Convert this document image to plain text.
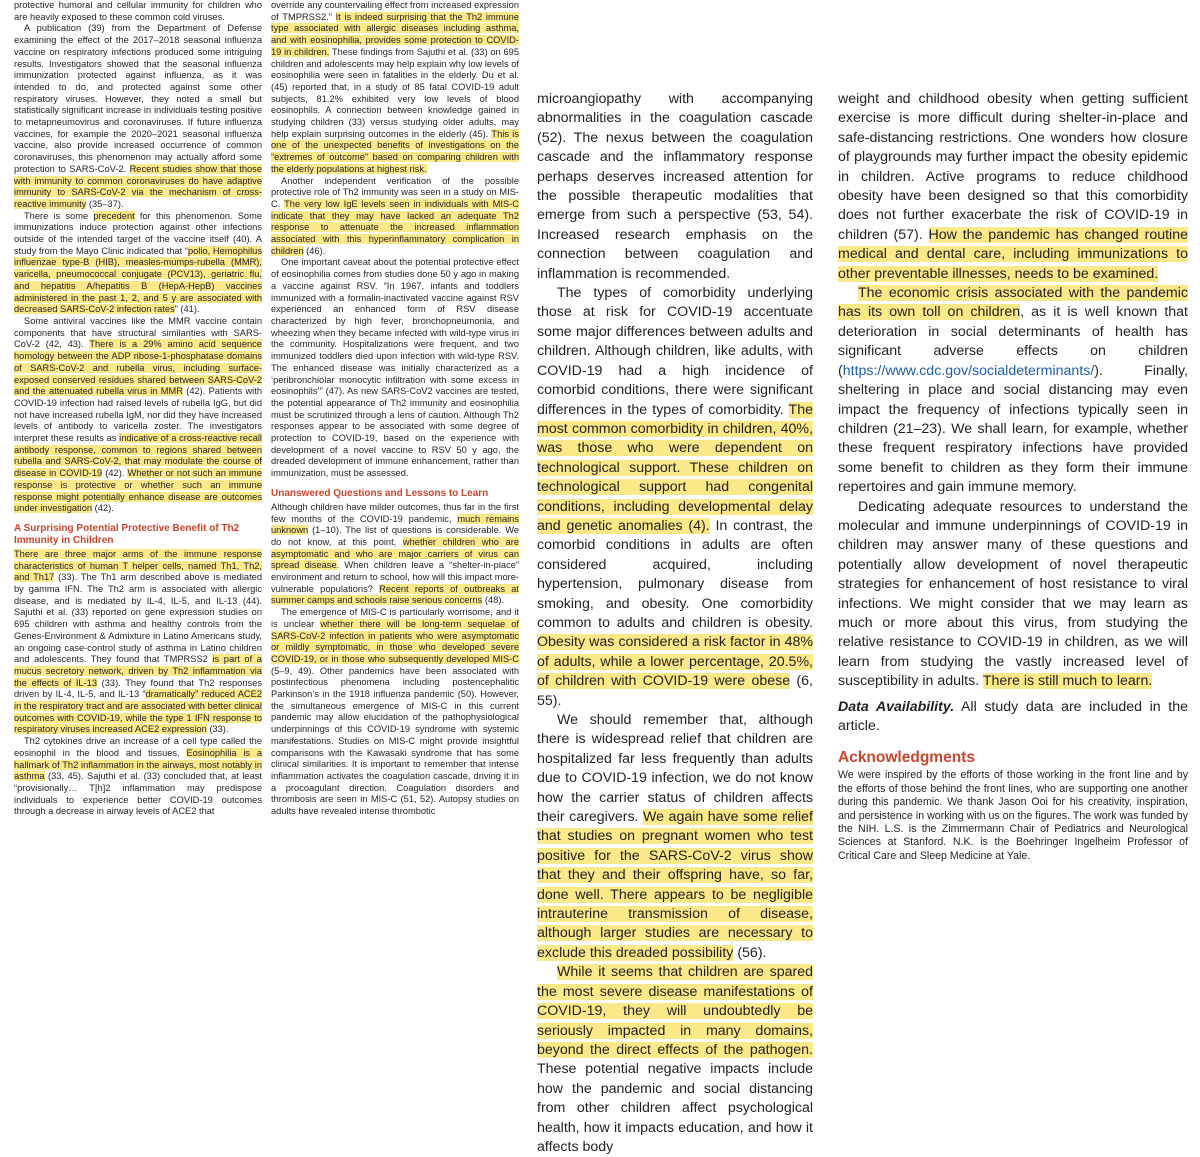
protective humoral and cellular immunity for children who are heavily exposed to these common cold viruses.

A publication (39) from the Department of Defense examining the effect of the 2017–2018 seasonal influenza vaccine on respiratory infections produced some intriguing results. Investigators showed that the seasonal influenza immunization protected against influenza, as it was intended to do, and protected against some other respiratory viruses. However, they noted a small but statistically significant increase in individuals testing positive to metapneumovirus and coronaviruses. If future influenza vaccines, for example the 2020–2021 seasonal influenza vaccine, also provide increased occurrence of common coronaviruses, this phenomenon may actually afford some protection to SARS-CoV-2. Recent studies show that those with immunity to common coronaviruses do have adaptive immunity to SARS-CoV-2 via the mechanism of cross-reactive immunity (35–37).

There is some precedent for this phenomenon. Some immunizations induce protection against other infections outside of the intended target of the vaccine itself (40). A study from the Mayo Clinic indicated that “polio, Hemophilus influenzae type-B (HIB), measles-mumps-rubella (MMR), varicella, pneumococcal conjugate (PCV13), geriatric flu, and hepatitis A/hepatitis B (HepA-HepB) vaccines administered in the past 1, 2, and 5 y are associated with decreased SARS-CoV-2 infection rates” (41).

Some antiviral vaccines like the MMR vaccine contain components that have structural similarities with SARS-CoV-2 (42, 43). There is a 29% amino acid sequence homology between the ADP ribose-1-phosphatase domains of SARS-CoV-2 and rubella virus, including surface-exposed conserved residues shared between SARS-CoV-2 and the attenuated rubella virus in MMR (42). Patients with COVID-19 infection had raised levels of rubella IgG, but did not have increased rubella IgM, nor did they have increased levels of antibody to varicella zoster. The investigators interpret these results as indicative of a cross-reactive recall antibody response, common to regions shared between rubella and SARS-CoV-2, that may modulate the course of disease in COVID-19 (42). Whether or not such an immune response is protective or whether such an immune response might potentially enhance disease are outcomes under investigation (42).

A Surprising Potential Protective Benefit of Th2 Immunity in Children

There are three major arms of the immune response characteristics of human T helper cells, named Th1, Th2, and Th17 (33). The Th1 arm described above is mediated by gamma IFN. The Th2 arm is associated with allergic disease, and is mediated by IL-4, IL-5, and IL-13 (44). Sajuthi et al. (33) reported on gene expression studies on 695 children with asthma and healthy controls from the Genes-Environment & Admixture in Latino Americans study, an ongoing case-control study of asthma in Latino children and adolescents. They found that TMPRSS2 is part of a mucus secretory network, driven by Th2 inflammation via the effects of IL-13 (33). They found that Th2 responses driven by IL-4, IL-5, and IL-13 “dramatically” reduced ACE2 in the respiratory tract and are associated with better clinical outcomes with COVID-19, while the type 1 IFN response to respiratory viruses increased ACE2 expression (33).

Th2 cytokines drive an increase of a cell type called the eosinophil in the blood and tissues. Eosinophilia is a hallmark of Th2 inflammation in the airways, most notably in asthma (33, 45). Sajuthi et al. (33) concluded that, at least “provisionally… T[h]2 inflammation may predispose individuals to experience better COVID-19 outcomes through a decrease in airway levels of ACE2 that

override any countervailing effect from increased expression of TMPRSS2.” It is indeed surprising that the Th2 immune type associated with allergic diseases including asthma, and with eosinophilia, provides some protection to COVID-19 in children. These findings from Sajuthi et al. (33) on 695 children and adolescents may help explain why low levels of eosinophilia were seen in fatalities in the elderly. Du et al. (45) reported that, in a study of 85 fatal COVID-19 adult subjects, 81.2% exhibited very low levels of blood eosinophils. A connection between knowledge gained in studying children (33) versus studying older adults, may help explain surprising outcomes in the elderly (45). This is one of the unexpected benefits of investigations on the “extremes of outcome” based on comparing children with the elderly populations at highest risk.

Another independent verification of the possible protective role of Th2 immunity was seen in a study on MIS-C. The very low IgE levels seen in individuals with MIS-C indicate that they may have lacked an adequate Th2 response to attenuate the increased inflammation associated with this hyperinflammatory complication in children (46).

One important caveat about the potential protective effect of eosinophilia comes from studies done 50 y ago in making a vaccine against RSV. “In 1967, infants and toddlers immunized with a formalin-inactivated vaccine against RSV experienced an enhanced form of RSV disease characterized by high fever, bronchopneumonia, and wheezing when they became infected with wild-type virus in the community. Hospitalizations were frequent, and two immunized toddlers died upon infection with wild-type RSV. The enhanced disease was initially characterized as a ‘peribronchiolar monocytic infiltration with some excess in eosinophils’” (47). As new SARS-CoV2 vaccines are tested, the potential appearance of Th2 immunity and eosinophilia must be scrutinized through a lens of caution. Although Th2 responses appear to be associated with some degree of protection to COVID-19, based on the experience with development of a novel vaccine to RSV 50 y ago, the dreaded development of immune enhancement, rather than immunization, must be assessed.

Unanswered Questions and Lessons to Learn

Although children have milder outcomes, thus far in the first few months of the COVID-19 pandemic, much remains unknown (1–10). The list of questions is considerable. We do not know, at this point, whether children who are asymptomatic and who are major carriers of virus can spread disease. When children leave a “shelter-in-place” environment and return to school, how will this impact more-vulnerable populations? Recent reports of outbreaks at summer camps and schools raise serious concerns (48).

The emergence of MIS-C is particularly worrisome, and it is unclear whether there will be long-term sequelae of SARS-CoV-2 infection in patients who were asymptomatic or mildly symptomatic, in those who developed severe COVID-19, or in those who subsequently developed MIS-C (5–9, 49). Other pandemics have been associated with postinfectious phenomena including postencephalitic Parkinson’s in the 1918 influenza pandemic (50). However, the simultaneous emergence of MIS-C in this current pandemic may allow elucidation of the pathophysiological underpinnings of this COVID-19 syndrome with systemic manifestations. Studies on MIS-C might provide insightful comparisons with the Kawasaki syndrome that has some clinical similarities. It is important to remember that intense inflammation activates the coagulation cascade, driving it in a procoagulant direction. Coagulation disorders and thrombosis are seen in MIS-C (51, 52). Autopsy studies on adults have revealed intense thrombotic

microangiopathy with accompanying abnormalities in the coagulation cascade (52). The nexus between the coagulation cascade and the inflammatory response perhaps deserves increased attention for the possible therapeutic modalities that emerge from such a perspective (53, 54). Increased research emphasis on the connection between coagulation and inflammation is recommended.

The types of comorbidity underlying those at risk for COVID-19 accentuate some major differences between adults and children. Although children, like adults, with COVID-19 had a high incidence of comorbid conditions, there were significant differences in the types of comorbidity. The most common comorbidity in children, 40%, was those who were dependent on technological support. These children on technological support had congenital conditions, including developmental delay and genetic anomalies (4). In contrast, the comorbid conditions in adults are often considered acquired, including hypertension, pulmonary disease from smoking, and obesity. One comorbidity common to adults and children is obesity. Obesity was considered a risk factor in 48% of adults, while a lower percentage, 20.5%, of children with COVID-19 were obese (6, 55).

We should remember that, although there is widespread relief that children are hospitalized far less frequently than adults due to COVID-19 infection, we do not know how the carrier status of children affects their caregivers. We again have some relief that studies on pregnant women who test positive for the SARS-CoV-2 virus show that they and their offspring have, so far, done well. There appears to be negligible intrauterine transmission of disease, although larger studies are necessary to exclude this dreaded possibility (56).

While it seems that children are spared the most severe disease manifestations of COVID-19, they will undoubtedly be seriously impacted in many domains, beyond the direct effects of the pathogen. These potential negative impacts include how the pandemic and social distancing from other children affect psychological health, how it impacts education, and how it affects body

weight and childhood obesity when getting sufficient exercise is more difficult during shelter-in-place and safe-distancing restrictions. One wonders how closure of playgrounds may further impact the obesity epidemic in children. Active programs to reduce childhood obesity have been designed so that this comorbidity does not further exacerbate the risk of COVID-19 in children (57). How the pandemic has changed routine medical and dental care, including immunizations to other preventable illnesses, needs to be examined.

The economic crisis associated with the pandemic has its own toll on children, as it is well known that deterioration in social determinants of health has significant adverse effects on children (https://www.cdc.gov/socialdeterminants/). Finally, sheltering in place and social distancing may even impact the frequency of infections typically seen in children (21–23). We shall learn, for example, whether these frequent respiratory infections have provided some benefit to children as they form their immune repertoires and gain immune memory.

Dedicating adequate resources to understand the molecular and immune underpinnings of COVID-19 in children may answer many of these questions and potentially allow development of novel therapeutic strategies for enhancement of host resistance to viral infections. We might consider that we may learn as much or more about this virus, from studying the relative resistance to COVID-19 in children, as we will learn from studying the vastly increased level of susceptibility in adults. There is still much to learn.

Data Availability. All study data are included in the article.

Acknowledgments

We were inspired by the efforts of those working in the front line and by the efforts of those behind the front lines, who are supporting one another during this pandemic. We thank Jason Ooi for his creativity, inspiration, and persistence in working with us on the figures. The work was funded by the NIH. L.S. is the Zimmermann Chair of Pediatrics and Neurological Sciences at Stanford. N.K. is the Boehringer Ingelheim Professor of Critical Care and Sleep Medicine at Yale.
